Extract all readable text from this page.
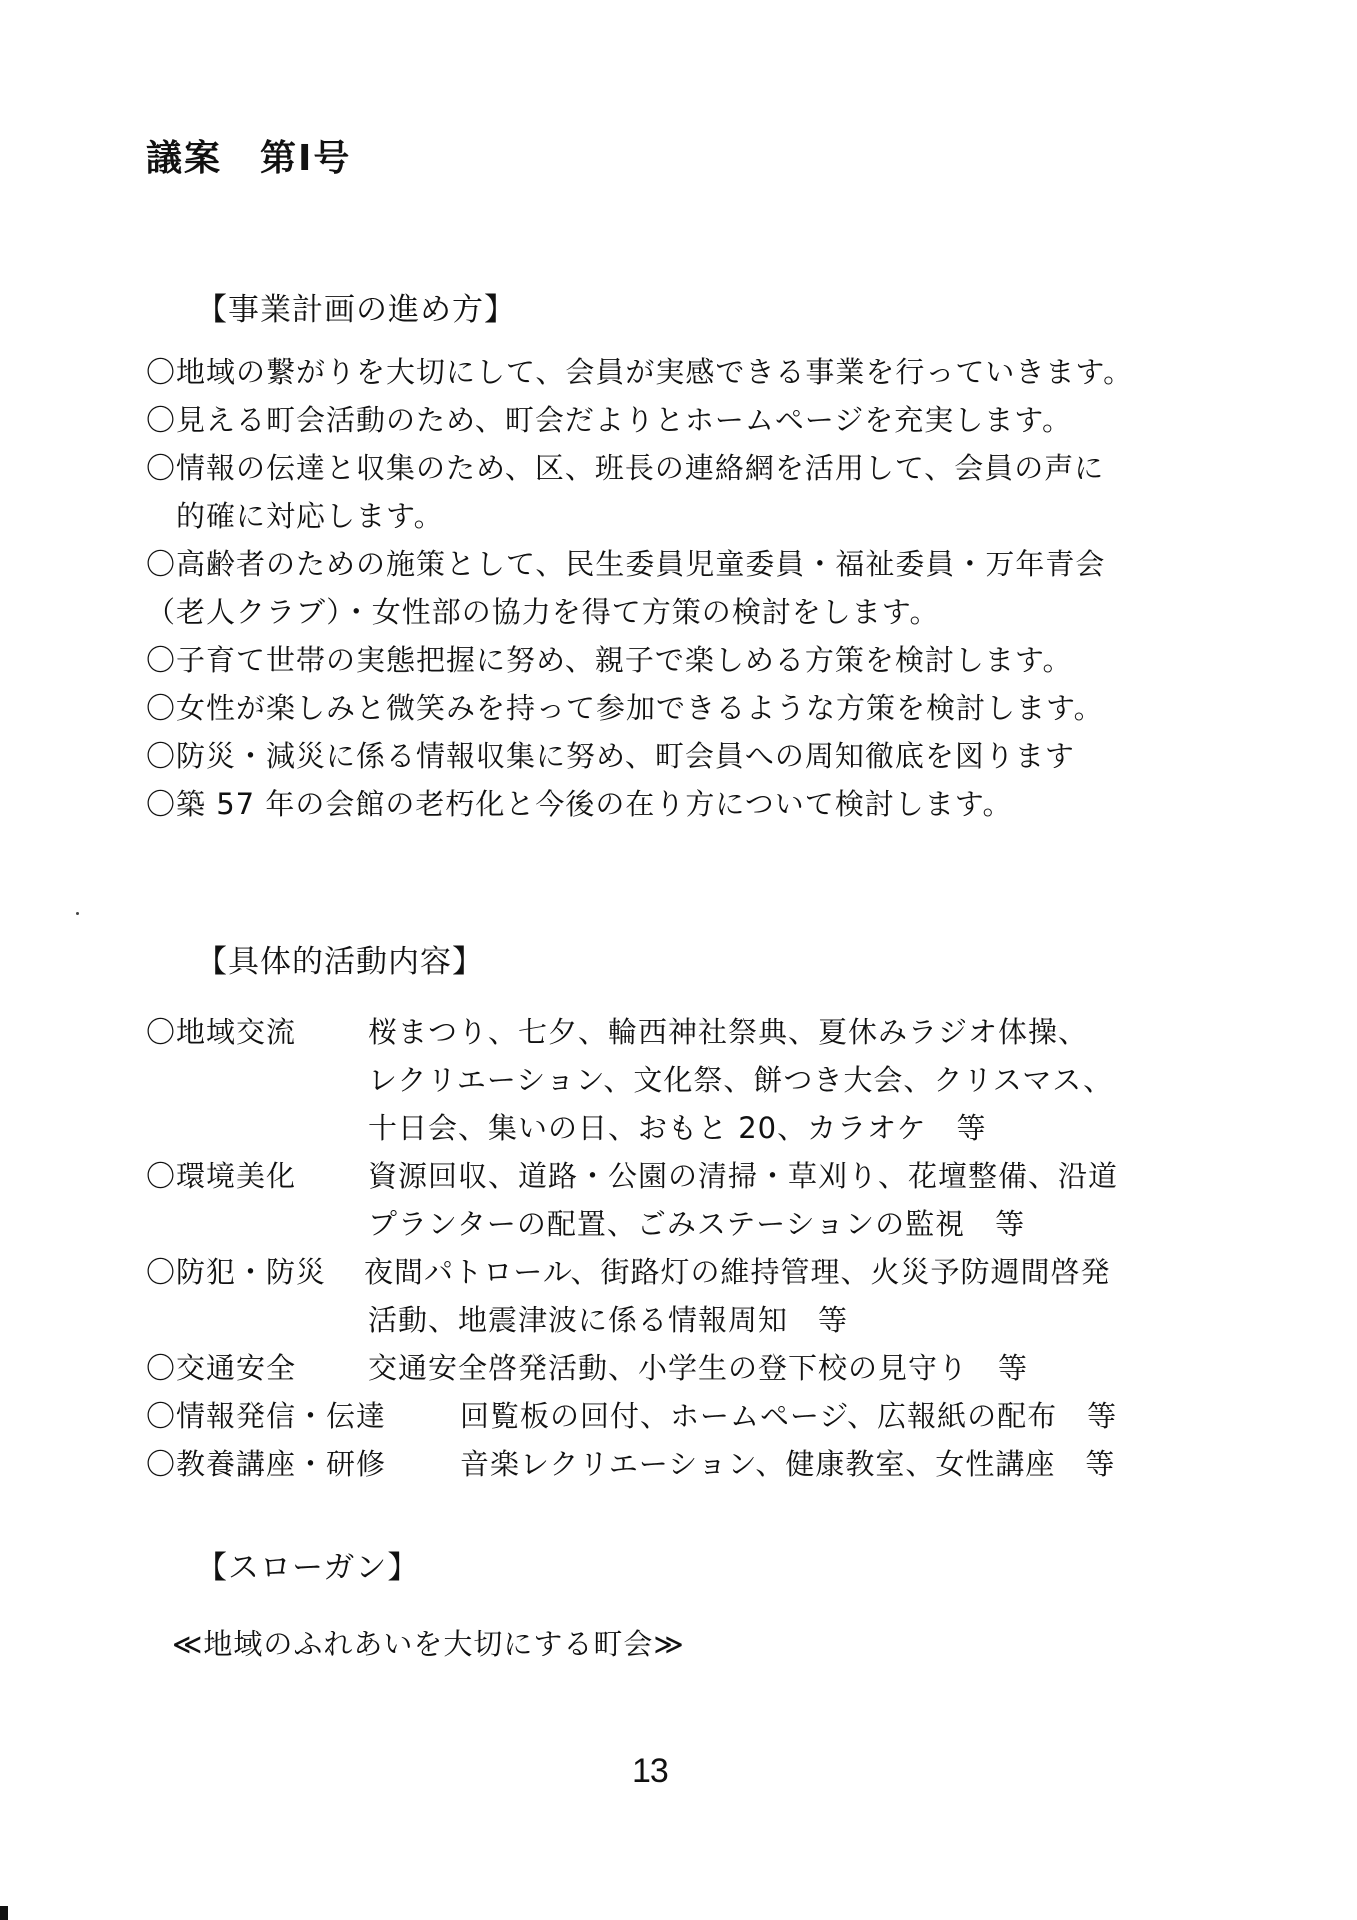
議案　第Ⅰ号
【事業計画の進め方】
〇地域の繋がりを大切にして、会員が実感できる事業を行っていきます。
〇見える町会活動のため、町会だよりとホームページを充実します。
〇情報の伝達と収集のため、区、班長の連絡網を活用して、会員の声に
的確に対応します。
〇高齢者のための施策として、民生委員児童委員・福祉委員・万年青会
（老人クラブ）・女性部の協力を得て方策の検討をします。
〇子育て世帯の実態把握に努め、親子で楽しめる方策を検討します。
〇女性が楽しみと微笑みを持って参加できるような方策を検討します。
〇防災・減災に係る情報収集に努め、町会員への周知徹底を図ります
〇築 57 年の会館の老朽化と今後の在り方について検討します。
【具体的活動内容】

〇地域交流

桜まつり、七夕、輪西神社祭典、夏休みラジオ体操、

レクリエーション、文化祭、餅つき大会、クリスマス、

十日会、集いの日、おもと 20、カラオケ　等

〇環境美化

資源回収、道路・公園の清掃・草刈り、花壇整備、沿道

プランターの配置、ごみステーションの監視　等

〇防犯・防災

夜間パトロール、街路灯の維持管理、火災予防週間啓発

活動、地震津波に係る情報周知　等

〇交通安全

交通安全啓発活動、小学生の登下校の見守り　等

〇情報発信・伝達

	回覧板の回付、ホームページ、広報紙の配布　等

〇教養講座・研修

	音楽レクリエーション、健康教室、女性講座　等

【スローガン】
≪地域のふれあいを大切にする町会≫
13
